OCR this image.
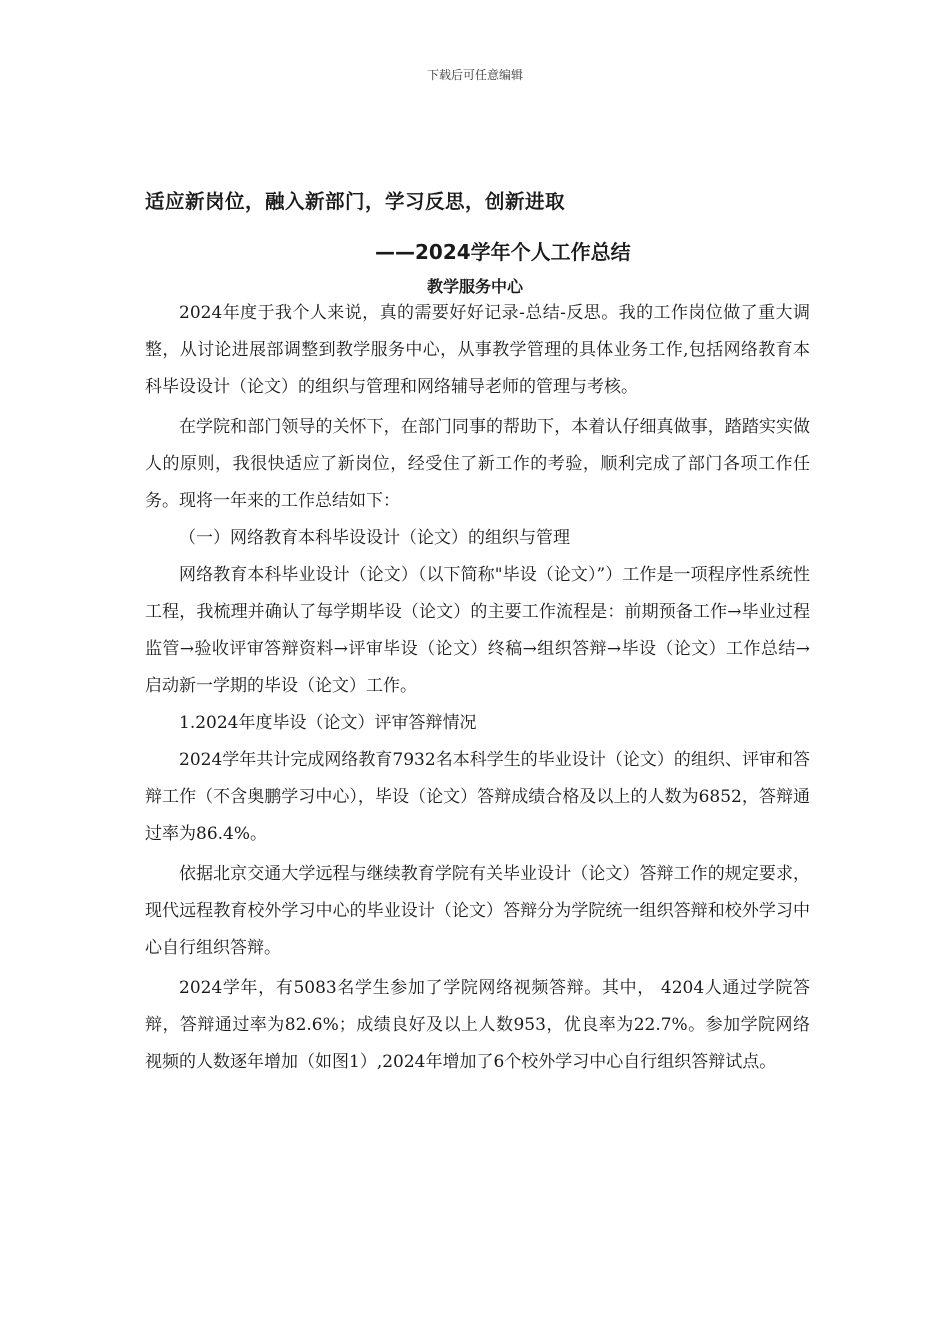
下载后可任意编辑
适应新岗位，融入新部门，学习反思，创新进取
——2024学年个人工作总结
教学服务中心

2024年度于我个人来说，真的需要好好记录-总结-反思。我的工作岗位做了重大调整，从讨论进展部调整到教学服务中心，从事教学管理的具体业务工作,包括网络教育本科毕设设计（论文）的组织与管理和网络辅导老师的管理与考核。

在学院和部门领导的关怀下，在部门同事的帮助下，本着认仔细真做事，踏踏实实做人的原则，我很快适应了新岗位，经受住了新工作的考验，顺利完成了部门各项工作任务。现将一年来的工作总结如下：

（一）网络教育本科毕设设计（论文）的组织与管理

网络教育本科毕业设计（论文）（以下简称"毕设（论文）”）工作是一项程序性系统性工程，我梳理并确认了每学期毕设（论文）的主要工作流程是：前期预备工作→毕业过程监管→验收评审答辩资料→评审毕设（论文）终稿→组织答辩→毕设（论文）工作总结→启动新一学期的毕设（论文）工作。

1.2024年度毕设（论文）评审答辩情况

2024学年共计完成网络教育7932名本科学生的毕业设计（论文）的组织、评审和答辩工作（不含奥鹏学习中心），毕设（论文）答辩成绩合格及以上的人数为6852，答辩通过率为86.4%。

依据北京交通大学远程与继续教育学院有关毕业设计（论文）答辩工作的规定要求，现代远程教育校外学习中心的毕业设计（论文）答辩分为学院统一组织答辩和校外学习中心自行组织答辩。

2024学年，有5083名学生参加了学院网络视频答辩。其中， 4204人通过学院答辩，答辩通过率为82.6%；成绩良好及以上人数953，优良率为22.7%。参加学院网络视频的人数逐年增加（如图1）,2024年增加了6个校外学习中心自行组织答辩试点。
